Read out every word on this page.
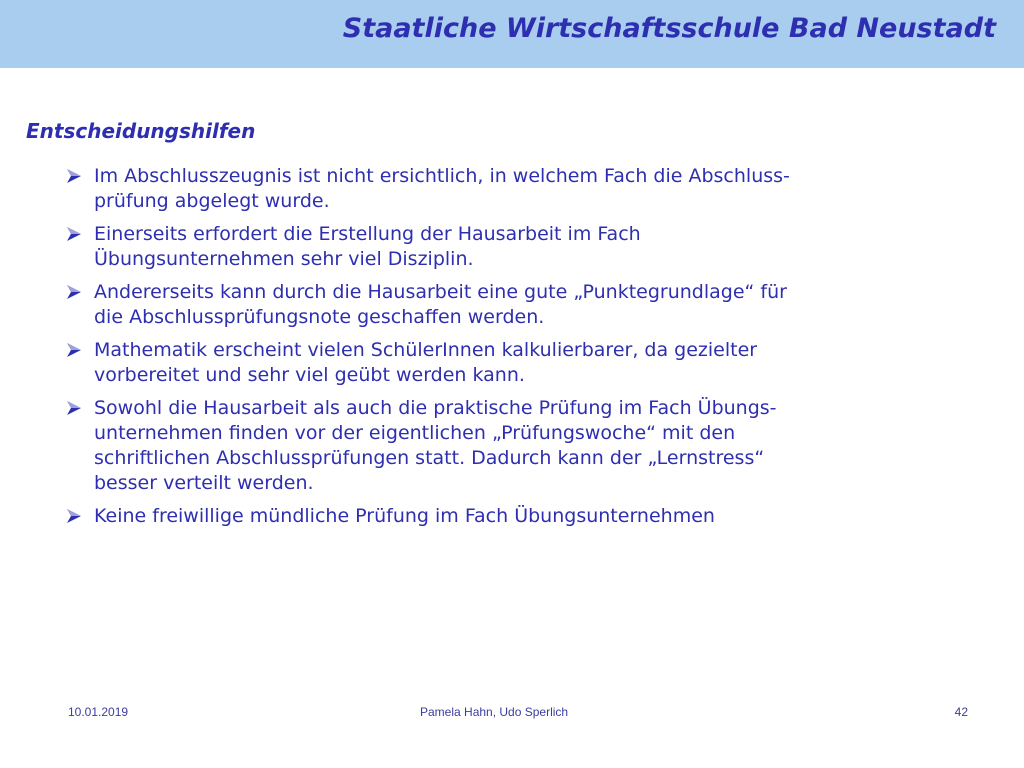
Staatliche Wirtschaftsschule Bad Neustadt
Entscheidungshilfen
Im Abschlusszeugnis ist nicht ersichtlich, in welchem Fach die Abschluss-
prüfung abgelegt wurde.
Einerseits erfordert die Erstellung der Hausarbeit im Fach
Übungsunternehmen sehr viel Disziplin.
Andererseits kann durch die Hausarbeit eine gute „Punktegrundlage“ für
die Abschlussprüfungsnote geschaffen werden.
Mathematik erscheint vielen SchülerInnen kalkulierbarer, da gezielter
vorbereitet und sehr viel geübt werden kann.
Sowohl die Hausarbeit als auch die praktische Prüfung im Fach Übungs-
unternehmen finden vor der eigentlichen „Prüfungswoche“ mit den
schriftlichen Abschlussprüfungen statt. Dadurch kann der „Lernstress“
besser verteilt werden.
Keine freiwillige mündliche Prüfung im Fach Übungsunternehmen
10.01.2019	Pamela Hahn, Udo Sperlich	42
